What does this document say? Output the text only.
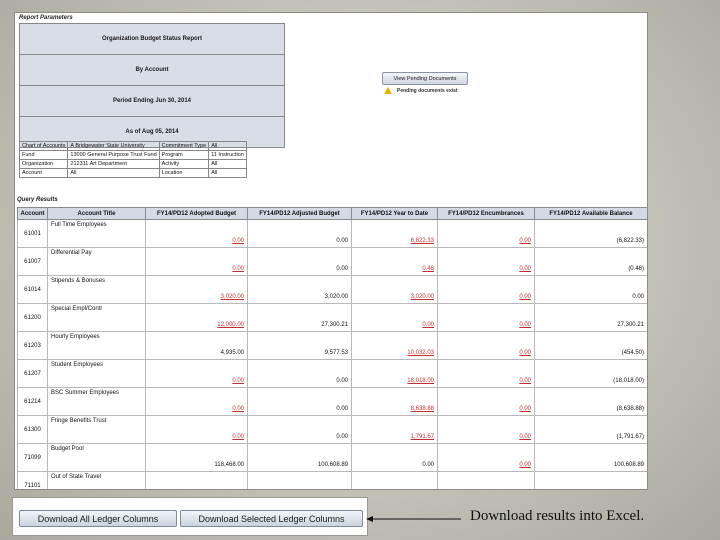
Report Parameters
Organization Budget Status Report
By Account
Period Ending Jun 30, 2014
As of Aug 05, 2014
View Pending Documents
Pending documents exist
Chart of Accounts	A Bridgewater State University	Commitment Type	All
Fund	13000 General Purpose Trust Fund	Program	11 Instruction
Organization	212311 Art Department	Activity	All
Account	All	Location	All
Query Results
Account	Account Title	FY14/PD12 Adopted Budget	FY14/PD12 Adjusted Budget	FY14/PD12 Year to Date	FY14/PD12 Encumbrances	FY14/PD12 Available Balance
61001	Full Time Employees	0.00	0.00	6,822.33	0.00	(6,822.33)
61007	Differential Pay	0.00	0.00	0.48	0.00	(0.48)
61014	Stipends & Bonuses	3,020.00	3,020.00	3,020.00	0.00	0.00
61200	Special Empl/Contr	12,000.00	27,300.21	0.00	0.00	27,300.21
61203	Hourly Employees	4,935.00	9,577.53	10,032.03	0.00	(454.50)
61207	Student Employees	0.00	0.00	18,018.00	0.00	(18,018.00)
61214	BSC Summer Employees	0.00	0.00	8,638.88	0.00	(8,638.88)
61300	Fringe Benefits Trust	0.00	0.00	1,791.67	0.00	(1,791.67)
71099	Budget Pool	118,468.00	100,608.89	0.00	0.00	100,608.89
71101	Out of State Travel					

Download All Ledger Columns	Download Selected Ledger Columns	Download results into Excel.
